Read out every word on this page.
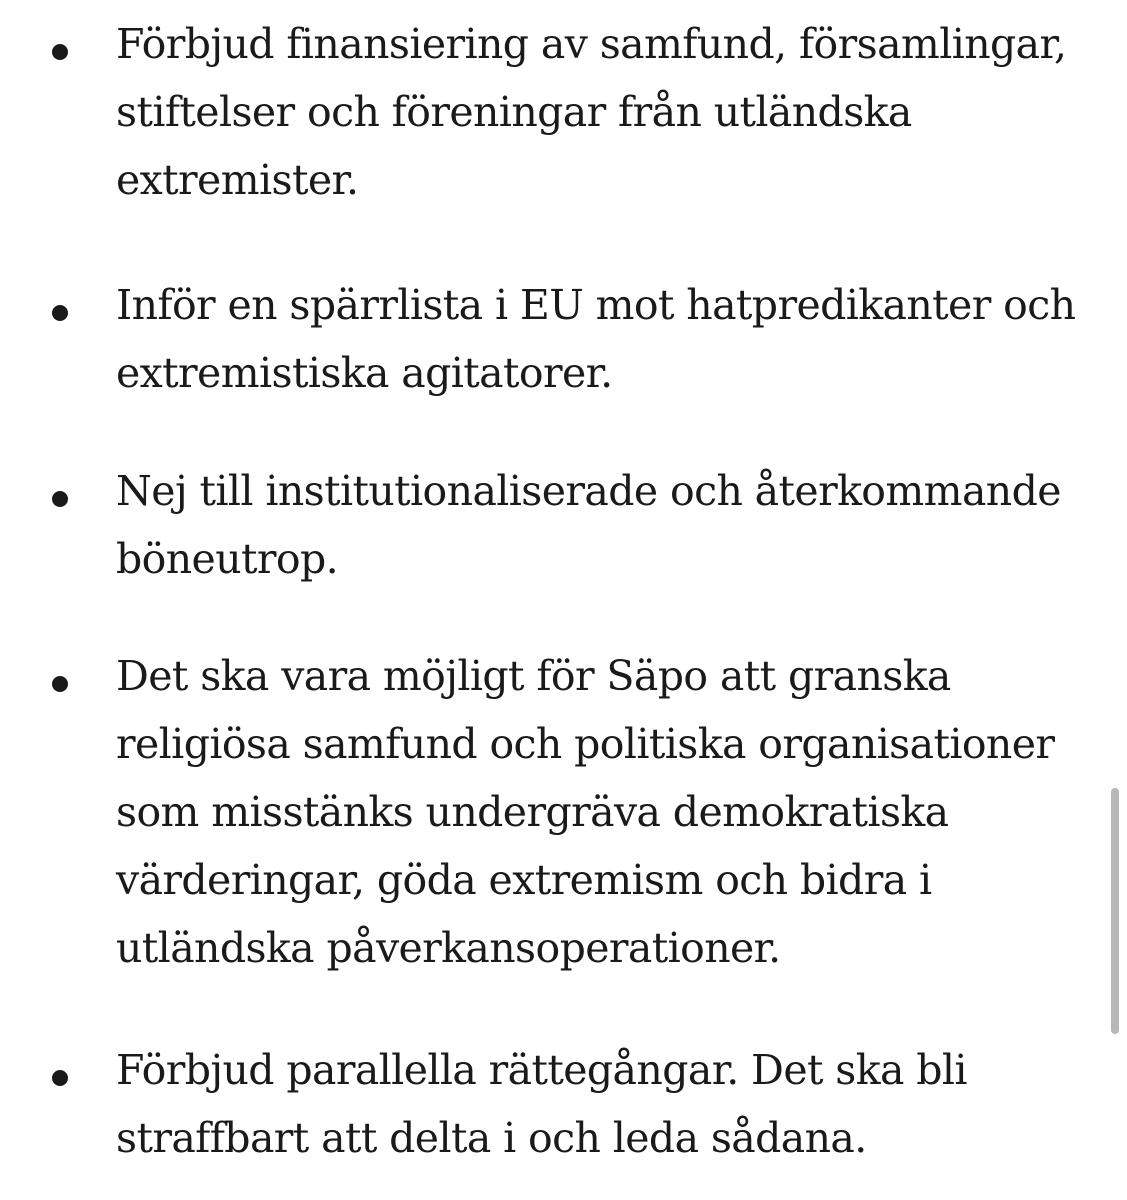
Förbjud finansiering av samfund, församlingar, stiftelser och föreningar från utländska extremister.

Inför en spärrlista i EU mot hatpredikanter och extremistiska agitatorer.

Nej till institutionaliserade och återkommande böneutrop.

Det ska vara möjligt för Säpo att granska religiösa samfund och politiska organisationer som misstänks undergräva demokratiska värderingar, göda extremism och bidra i utländska påverkansoperationer.

Förbjud parallella rättegångar. Det ska bli straffbart att delta i och leda sådana.
